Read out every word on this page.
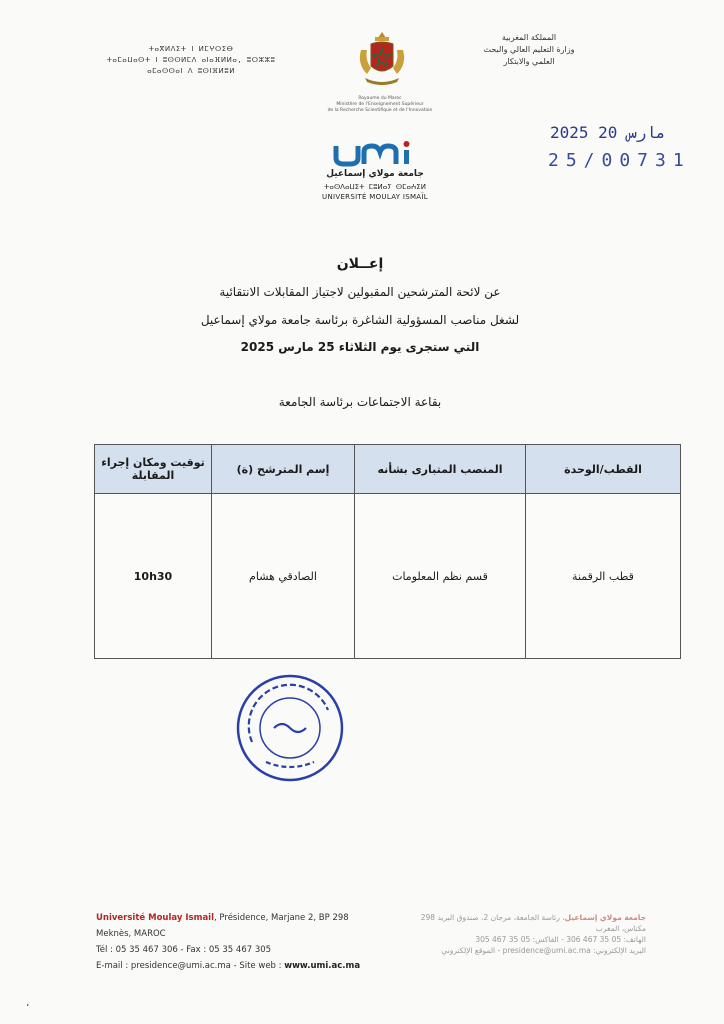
ⵜⴰⴳⵍⴷⵉⵜ ⵏ ⵍⵎⵖⵔⵉⴱ
ⵜⴰⵎⴰⵡⴰⵙⵜ ⵏ ⵓⵙⵙⵍⵎⴷ ⴰⵏⴰⴼⵍⵍⴰ, ⵓⵔⵣⵣⵓ
ⴰⵎⴰⵙⵙⴰⵏ ⴷ ⵓⵙⵏⴼⵍⵓⵍ
Royaume du Maroc
Ministère de l'Enseignement Supérieur
de la Recherche Scientifique et de l'Innovation
المملكة المغربية
وزارة التعليم العالي والبحث
العلمي والابتكار
2025 مارس 20
25/00731
جامعة مولاي إسماعيل
ⵜⴰⵙⴷⴰⵡⵉⵜ ⵎⵓⵍⴰⵢ ⵙⵎⴰⵄⵉⵍ
UNIVERSITÉ MOULAY ISMAÏL
إعــلان
عن لائحة المترشحين المقبولين لاجتياز المقابلات الانتقائية
لشغل مناصب المسؤولية الشاغرة برئاسة جامعة مولاي إسماعيل
التي ستجرى يوم الثلاثاء 25 مارس 2025
بقاعة الاجتماعات برئاسة الجامعة
القطب/الوحدة	المنصب المتبارى بشأنه	إسم المترشح (ة)	توقيت ومكان إجراء المقابلة
قطب الرقمنة	قسم نظم المعلومات	الصادقي هشام	10h30
Université Moulay Ismail, Présidence, Marjane 2, BP 298
Meknès, MAROC
Tél : 05 35 467 306 - Fax : 05 35 467 305
E-mail : presidence@umi.ac.ma - Site web : www.umi.ac.ma
جامعة مولاي إسماعيل، رئاسة الجامعة، مرجان 2، صندوق البريد 298
مكناس، المغرب
الهاتف: 05 35 467 306 - الفاكس: 05 35 467 305
البريد الإلكتروني: presidence@umi.ac.ma - الموقع الإلكتروني
،
